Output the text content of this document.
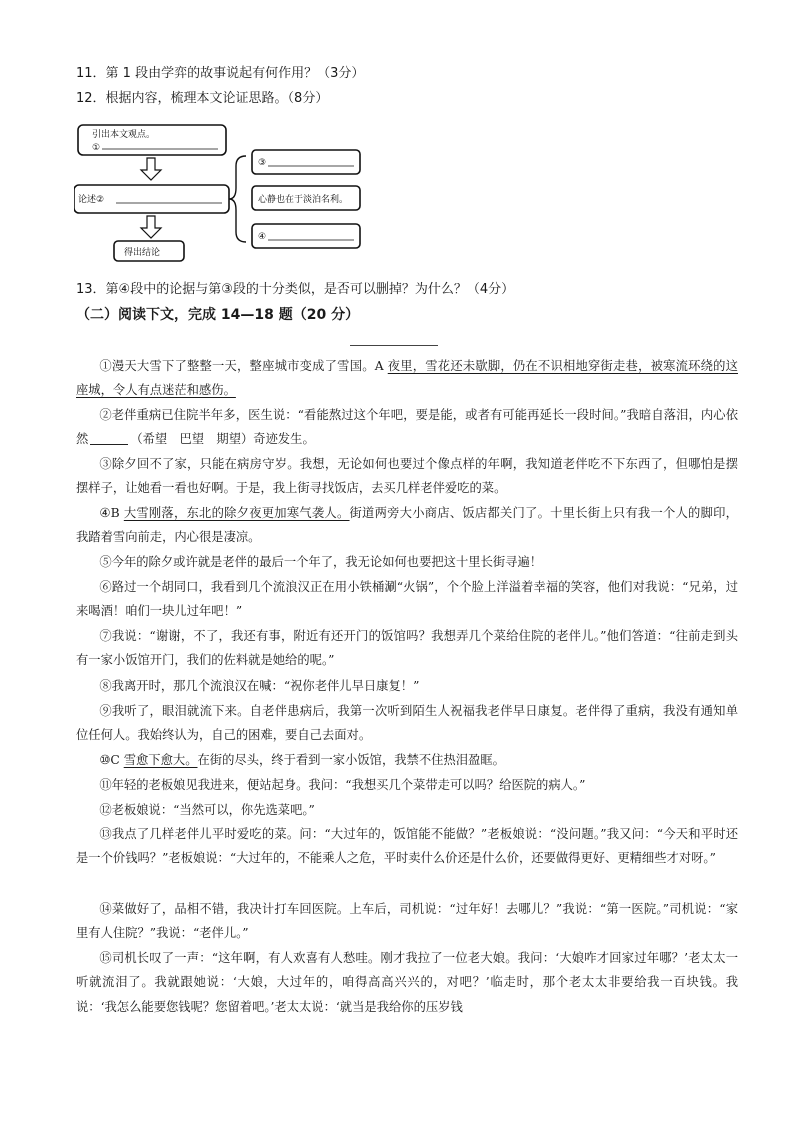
11．第 1 段由学弈的故事说起有何作用？（3分）
12．根据内容，梳理本文论证思路。（8分）
引出本文观点。
①
论述②
得出结论
③
心静也在于淡泊名利。
④
13．第④段中的论据与第③段的十分类似，是否可以删掉？为什么？（4分）
（二）阅读下文，完成 14—18 题（20 分）
①漫天大雪下了整整一天，整座城市变成了雪国。A 夜里，雪花还未歇脚，仍在不识相地穿街走巷，被寒流环绕的这座城，令人有点迷茫和感伤。
②老伴重病已住院半年多，医生说：“看能熬过这个年吧，要是能，或者有可能再延长一段时间。”我暗自落泪，内心依然	（希望　巴望　期望）奇迹发生。
③除夕回不了家，只能在病房守岁。我想，无论如何也要过个像点样的年啊，我知道老伴吃不下东西了，但哪怕是摆摆样子，让她看一看也好啊。于是，我上街寻找饭店，去买几样老伴爱吃的菜。
④B 大雪刚落，东北的除夕夜更加寒气袭人。街道两旁大小商店、饭店都关门了。十里长街上只有我一个人的脚印，我踏着雪向前走，内心很是凄凉。
⑤今年的除夕或许就是老伴的最后一个年了，我无论如何也要把这十里长街寻遍！
⑥路过一个胡同口，我看到几个流浪汉正在用小铁桶涮“火锅”，个个脸上洋溢着幸福的笑容，他们对我说：“兄弟，过来喝酒！咱们一块儿过年吧！”
⑦我说：“谢谢，不了，我还有事，附近有还开门的饭馆吗？我想弄几个菜给住院的老伴儿。”他们答道：“往前走到头有一家小饭馆开门，我们的佐料就是她给的呢。”
⑧我离开时，那几个流浪汉在喊：“祝你老伴儿早日康复！”
⑨我听了，眼泪就流下来。自老伴患病后，我第一次听到陌生人祝福我老伴早日康复。老伴得了重病，我没有通知单位任何人。我始终认为，自己的困难，要自己去面对。
⑩C 雪愈下愈大。在街的尽头，终于看到一家小饭馆，我禁不住热泪盈眶。
⑪年轻的老板娘见我进来，便站起身。我问：“我想买几个菜带走可以吗？给医院的病人。”
⑫老板娘说：“当然可以，你先选菜吧。”
⑬我点了几样老伴儿平时爱吃的菜。问：“大过年的，饭馆能不能做？”老板娘说：“没问题。”我又问：“今天和平时还是一个价钱吗？”老板娘说：“大过年的，不能乘人之危，平时卖什么价还是什么价，还要做得更好、更精细些才对呀。”
⑭菜做好了，品相不错，我决计打车回医院。上车后，司机说：“过年好！去哪儿？”我说：“第一医院。”司机说：“家里有人住院？”我说：“老伴儿。”
⑮司机长叹了一声：“这年啊，有人欢喜有人愁哇。刚才我拉了一位老大娘。我问：‘大娘咋才回家过年哪？’老太太一听就流泪了。我就跟她说：‘大娘，大过年的，咱得高高兴兴的，对吧？’临走时，那个老太太非要给我一百块钱。我说：‘我怎么能要您钱呢？您留着吧。’老太太说：‘就当是我给你的压岁钱
